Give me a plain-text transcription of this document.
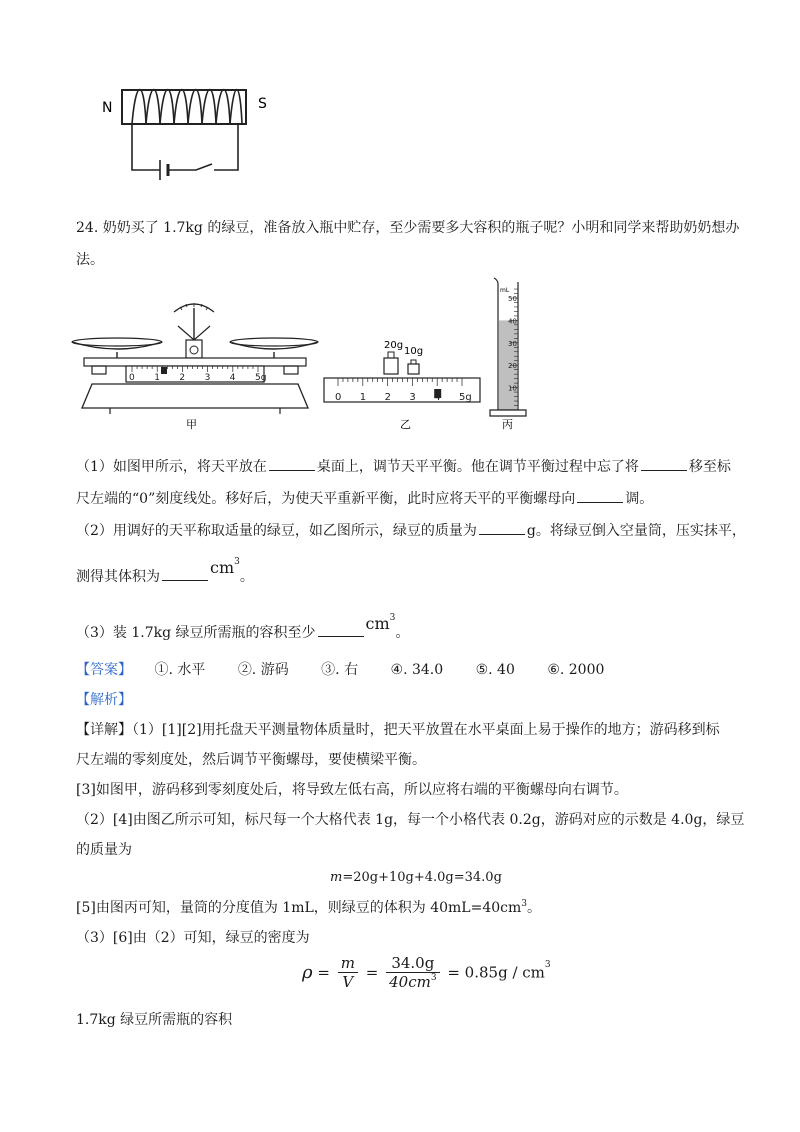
N	S
24. 奶奶买了 1.7kg 的绿豆，准备放入瓶中贮存，至少需要多大容积的瓶子呢？小明和同学来帮助奶奶想办
法。
0 1 2 3 4 5g
甲
20g
10g
0 1 2 3 4 5g
乙
50
40
30
20
10
mL
丙
（1）如图甲所示，将天平放在	桌面上，调节天平平衡。他在调节平衡过程中忘了将	移至标
尺左端的“0”刻度线处。移好后，为使天平重新平衡，此时应将天平的平衡螺母向	调。
（2）用调好的天平称取适量的绿豆，如乙图所示，绿豆的质量为	g。将绿豆倒入空量筒，压实抹平，
测得其体积为	$cm^3$。
（3）装 1.7kg 绿豆所需瓶的容积至少	$cm^3$。
【答案】 ①. 水平 ②. 游码 ③. 右 ④. 34.0 ⑤. 40 ⑥. 2000
【解析】
【详解】（1）[1][2]用托盘天平测量物体质量时，把天平放置在水平桌面上易于操作的地方；游码移到标
尺左端的零刻度处，然后调节平衡螺母，要使横梁平衡。
[3]如图甲，游码移到零刻度处后，将导致左低右高，所以应将右端的平衡螺母向右调节。
（2）[4]由图乙所示可知，标尺每一个大格代表 1g，每一个小格代表 0.2g，游码对应的示数是 4.0g，绿豆
的质量为
m=20g+10g+4.0g=34.0g
[5]由图丙可知，量筒的分度值为 1mL，则绿豆的体积为 $40mL=40cm^3$。
（3）[6]由（2）可知，绿豆的密度为
$\rho = \frac{m}{V} = \frac{34.0g}{40cm^3} = 0.85g / cm^3$
1.7kg 绿豆所需瓶的容积
